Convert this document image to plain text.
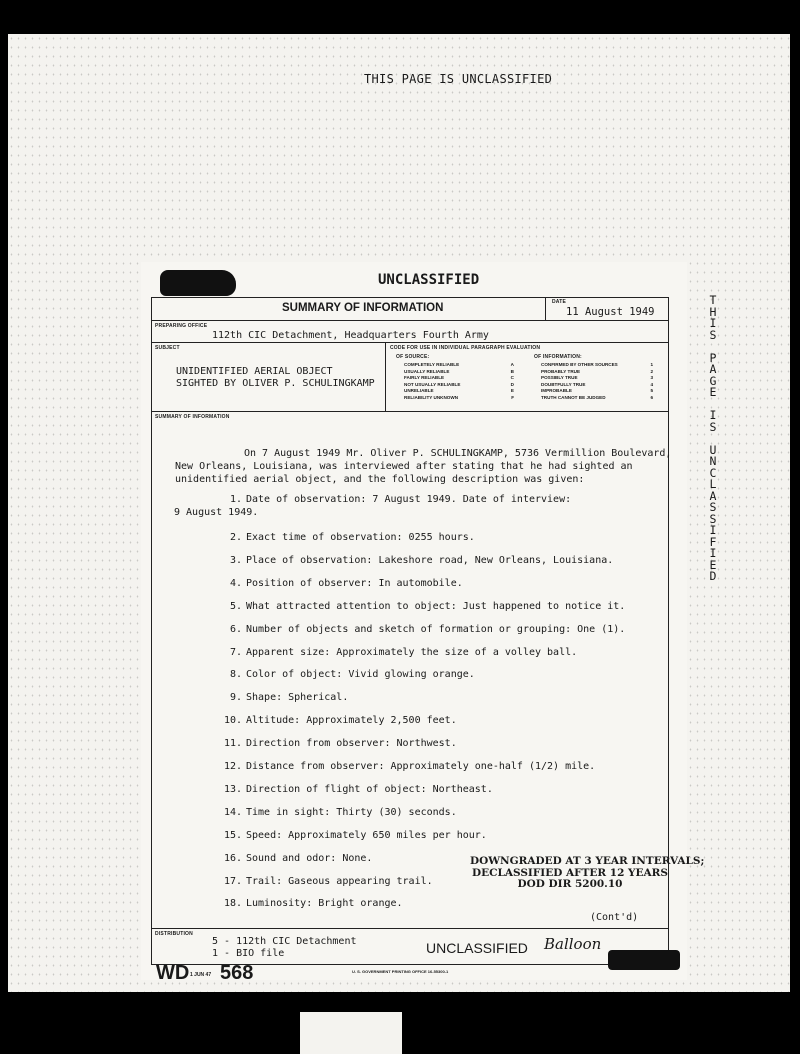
THIS PAGE IS UNCLASSIFIED
T
H
I
S
P
A
G
E
I
S
U
N
C
L
A
S
S
I
F
I
E
D
UNCLASSIFIED
SUMMARY OF INFORMATION	DATE
11 August 1949
PREPARING OFFICE
112th CIC Detachment, Headquarters Fourth Army
SUBJECT
UNIDENTIFIED AERIAL OBJECT
SIGHTED BY OLIVER P. SCHULINGKAMP
CODE FOR USE IN INDIVIDUAL PARAGRAPH EVALUATION
OF SOURCE:
COMPLETELY RELIABLE	A
USUALLY RELIABLE	B
FAIRLY RELIABLE	C
NOT USUALLY RELIABLE	D
UNRELIABLE	E
RELIABILITY UNKNOWN	F
OF INFORMATION:
CONFIRMED BY OTHER SOURCES	1
PROBABLY TRUE	2
POSSIBLY TRUE	3
DOUBTFULLY TRUE	4
IMPROBABLE	5
TRUTH CANNOT BE JUDGED	6
SUMMARY OF INFORMATION
On 7 August 1949 Mr. Oliver P. SCHULINGKAMP, 5736 Vermillion Boulevard,
New Orleans, Louisiana, was interviewed after stating that he had sighted an
unidentified aerial object, and the following description was given:
1. Date of observation: 7 August 1949. Date of interview:
9 August 1949.
2. Exact time of observation: 0255 hours.
3. Place of observation: Lakeshore road, New Orleans, Louisiana.
4. Position of observer: In automobile.
5. What attracted attention to object: Just happened to notice it.
6. Number of objects and sketch of formation or grouping: One (1).
7. Apparent size: Approximately the size of a volley ball.
8. Color of object: Vivid glowing orange.
9. Shape: Spherical.
10. Altitude: Approximately 2,500 feet.
11. Direction from observer: Northwest.
12. Distance from observer: Approximately one-half (1/2) mile.
13. Direction of flight of object: Northeast.
14. Time in sight: Thirty (30) seconds.
15. Speed: Approximately 650 miles per hour.
16. Sound and odor: None.
17. Trail: Gaseous appearing trail.
18. Luminosity: Bright orange.
DOWNGRADED AT 3 YEAR INTERVALS;
DECLASSIFIED AFTER 12 YEARS
DOD DIR 5200.10
(Cont'd)
DISTRIBUTION
5 - 112th CIC Detachment
1 - BIO file	UNCLASSIFIED Balloon
WD 1 JUN 47 568	U. S. GOVERNMENT PRINTING OFFICE 16-55300-1
